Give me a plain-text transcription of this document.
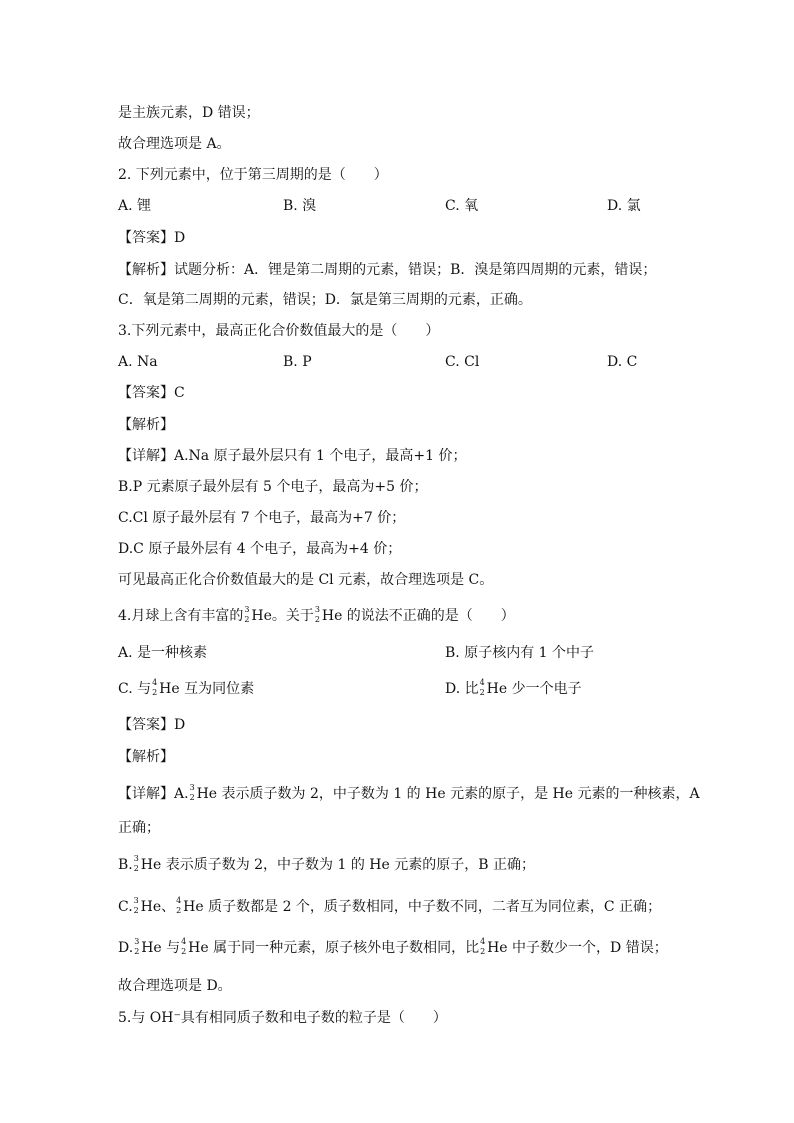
是主族元素，D 错误；
故合理选项是 A。
2. 下列元素中，位于第三周期的是（　　）
A. 锂	B. 溴	C. 氧	D. 氯
【答案】D
【解析】试题分析：A．锂是第二周期的元素，错误；B．溴是第四周期的元素，错误；
C．氧是第二周期的元素，错误；D．氯是第三周期的元素，正确。
3.下列元素中，最高正化合价数值最大的是（　　）
A. Na	B. P	C. Cl	D. C
【答案】C
【解析】
【详解】A.Na 原子最外层只有 1 个电子，最高+1 价；
B.P 元素原子最外层有 5 个电子，最高为+5 价；
C.Cl 原子最外层有 7 个电子，最高为+7 价；
D.C 原子最外层有 4 个电子，最高为+4 价；
可见最高正化合价数值最大的是 Cl 元素，故合理选项是 C。
4.月球上含有丰富的 3
2 He。关于 3
2 He 的说法不正确的是（　　）
A. 是一种核素	B. 原子核内有 1 个中子
C. 与 4
2 He 互为同位素	D. 比 4
2 He 少一个电子
【答案】D
【解析】
【详解】A. 3
2 He 表示质子数为 2，中子数为 1 的 He 元素的原子，是 He 元素的一种核素，A
正确；
B. 3
2 He 表示质子数为 2，中子数为 1 的 He 元素的原子，B 正确；
C. 3
2 He、 4
2 He 质子数都是 2 个，质子数相同，中子数不同，二者互为同位素，C 正确；
D. 3
2 He 与 4
2 He 属于同一种元素，原子核外电子数相同，比 4
2 He 中子数少一个，D 错误；
故合理选项是 D。
5.与 OH⁻具有相同质子数和电子数的粒子是（　　）
